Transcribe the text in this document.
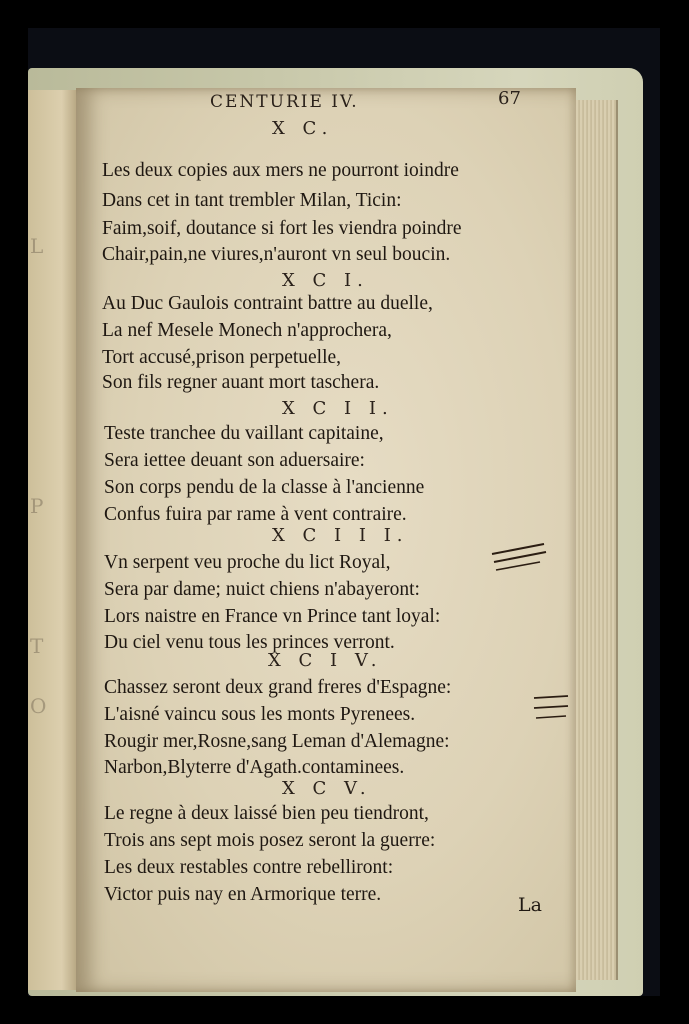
L
P
T
O
CENTURIE IV.	67
X C.
Les deux copies aux mers ne pourront ioindre
Dans cet in tant trembler Milan, Ticin:
Faim,soif, doutance si fort les viendra poindre
Chair,pain,ne viures,n'auront vn seul boucin.
X C I.
Au Duc Gaulois contraint battre au duelle,
La nef Mesele Monech n'approchera,
Tort accusé,prison perpetuelle,
Son fils regner auant mort taschera.
X C I I.
Teste tranchee du vaillant capitaine,
Sera iettee deuant son aduersaire:
Son corps pendu de la classe à l'ancienne
Confus fuira par rame à vent contraire.
X C I I I.
Vn serpent veu proche du lict Royal,
Sera par dame; nuict chiens n'abayeront:
Lors naistre en France vn Prince tant loyal:
Du ciel venu tous les princes verront.
X C I V.
Chassez seront deux grand freres d'Espagne:
L'aisné vaincu sous les monts Pyrenees.
Rougir mer,Rosne,sang Leman d'Alemagne:
Narbon,Blyterre d'Agath.contaminees.
X C V.
Le regne à deux laissé bien peu tiendront,
Trois ans sept mois posez seront la guerre:
Les deux restables contre rebelliront:
Victor puis nay en Armorique terre.	La
